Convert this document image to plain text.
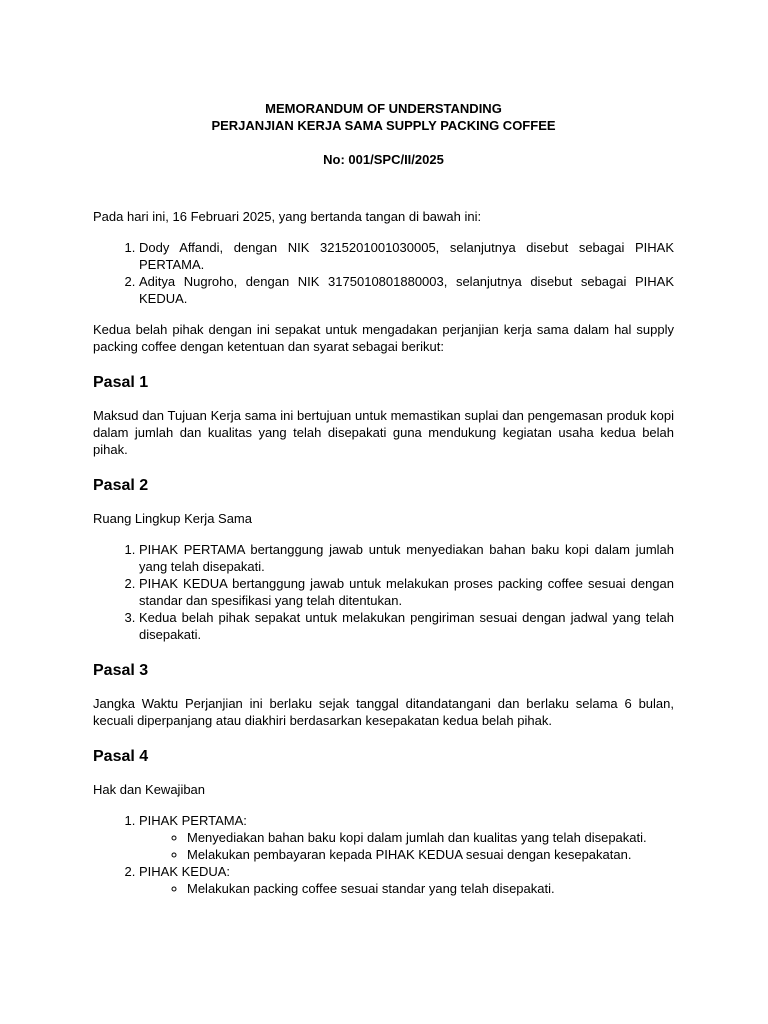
MEMORANDUM OF UNDERSTANDING

PERJANJIAN KERJA SAMA SUPPLY PACKING COFFEE

No: 001/SPC/II/2025

Pada hari ini, 16 Februari 2025, yang bertanda tangan di bawah ini:

1. Dody Affandi, dengan NIK 3215201001030005, selanjutnya disebut sebagai PIHAK PERTAMA.
2. Aditya Nugroho, dengan NIK 3175010801880003, selanjutnya disebut sebagai PIHAK KEDUA.

Kedua belah pihak dengan ini sepakat untuk mengadakan perjanjian kerja sama dalam hal supply packing coffee dengan ketentuan dan syarat sebagai berikut:

Pasal 1

Maksud dan Tujuan Kerja sama ini bertujuan untuk memastikan suplai dan pengemasan produk kopi dalam jumlah dan kualitas yang telah disepakati guna mendukung kegiatan usaha kedua belah pihak.

Pasal 2

Ruang Lingkup Kerja Sama

1. PIHAK PERTAMA bertanggung jawab untuk menyediakan bahan baku kopi dalam jumlah yang telah disepakati.
2. PIHAK KEDUA bertanggung jawab untuk melakukan proses packing coffee sesuai dengan standar dan spesifikasi yang telah ditentukan.
3. Kedua belah pihak sepakat untuk melakukan pengiriman sesuai dengan jadwal yang telah disepakati.
Pasal 3

Jangka Waktu Perjanjian ini berlaku sejak tanggal ditandatangani dan berlaku selama 6 bulan, kecuali diperpanjang atau diakhiri berdasarkan kesepakatan kedua belah pihak.

Pasal 4

Hak dan Kewajiban

1. PIHAK PERTAMA:
◦ Menyediakan bahan baku kopi dalam jumlah dan kualitas yang telah disepakati.
◦ Melakukan pembayaran kepada PIHAK KEDUA sesuai dengan kesepakatan.
2. PIHAK KEDUA:
◦ Melakukan packing coffee sesuai standar yang telah disepakati.
